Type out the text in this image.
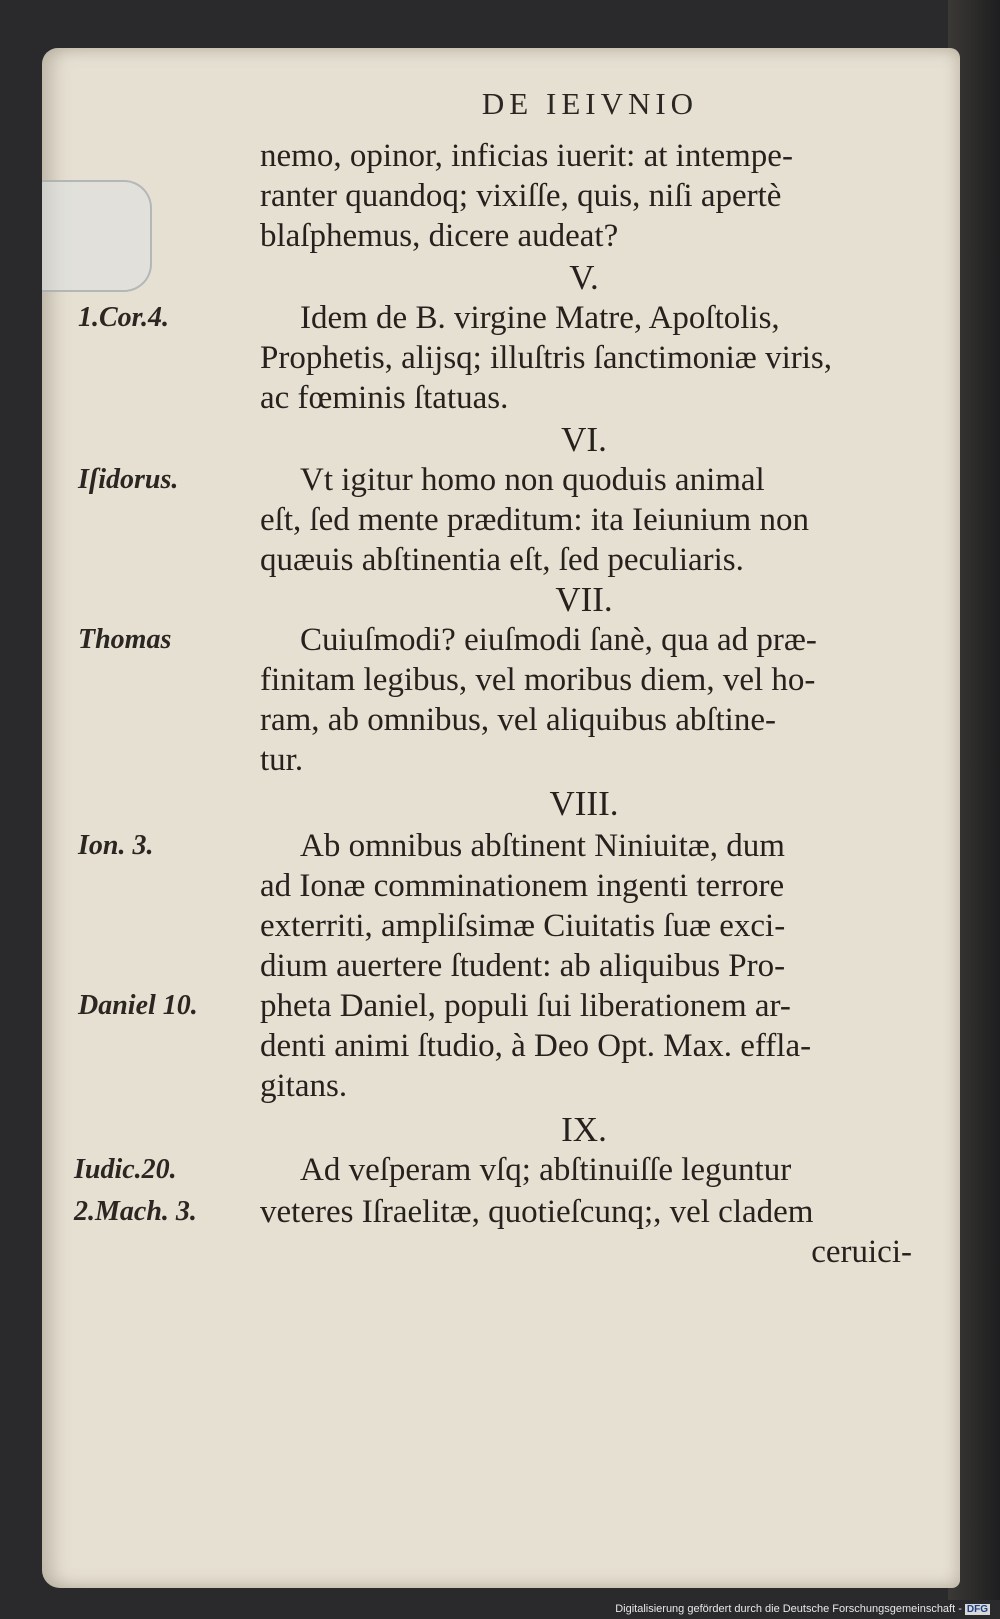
DE IEIVNIO
nemo, opinor, inficias iuerit: at intempe-
ranter quandoq; vixiſſe, quis, niſi apertè
blaſphemus, dicere audeat?
V.
1.Cor.4.	Idem de B. virgine Matre, Apoſtolis,
Prophetis, alijsq; illuſtris ſanctimoniæ viris,
ac fœminis ſtatuas.
VI.
Iſidorus.	Vt igitur homo non quoduis animal
eſt, ſed mente præditum: ita Ieiunium non
quæuis abſtinentia eſt, ſed peculiaris.
VII.
Thomas	Cuiuſmodi? eiuſmodi ſanè, qua ad præ-
finitam legibus, vel moribus diem, vel ho-
ram, ab omnibus, vel aliquibus abſtine-
tur.
VIII.
Ion. 3.	Ab omnibus abſtinent Niniuitæ, dum
ad Ionæ comminationem ingenti terrore
exterriti, ampliſsimæ Ciuitatis ſuæ exci-
dium auertere ſtudent: ab aliquibus Pro-
Daniel 10. pheta Daniel, populi ſui liberationem ar-
denti animi ſtudio, à Deo Opt. Max. effla-
gitans.
IX.
Iudic.20.	Ad veſperam vſq; abſtinuiſſe leguntur
2.Mach. 3. veteres Iſraelitæ, quotieſcunq;, vel cladem
ceruici-
Digitalisierung gefördert durch die Deutsche Forschungsgemeinschaft - DFG
